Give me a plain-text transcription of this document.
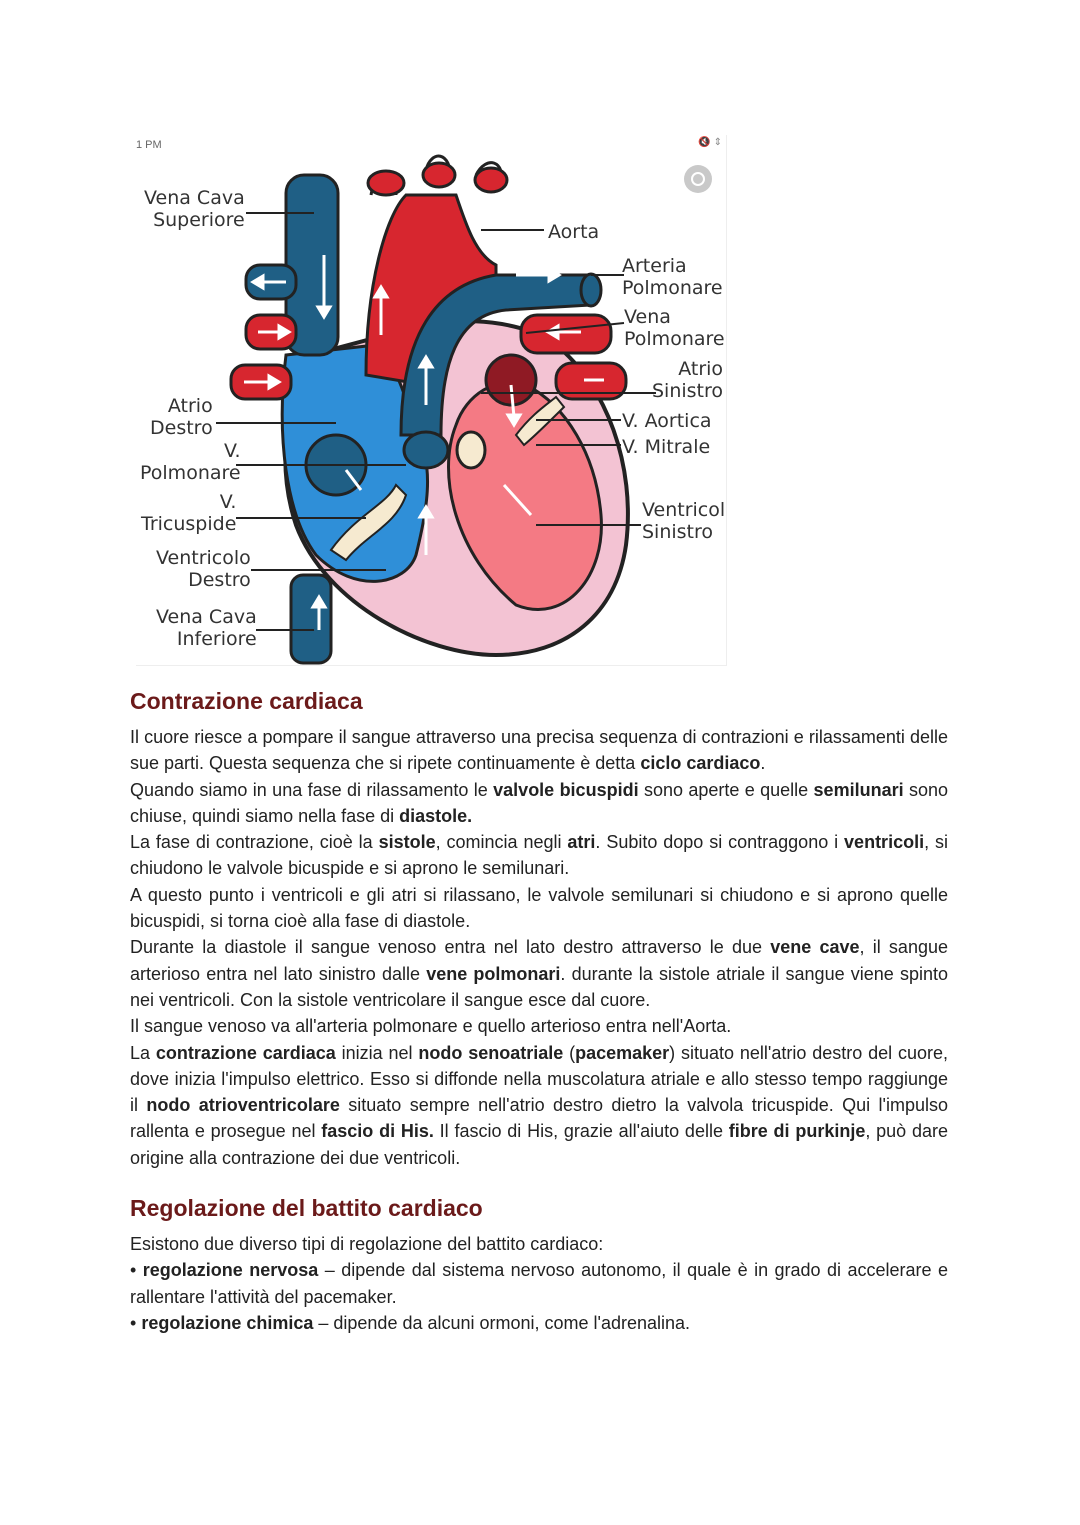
1 PM	🔇 ⇕
Vena Cava
Superiore
Aorta
Arteria
Polmonare
Vena
Polmonare
Atrio
Sinistro
V. Aortica
V. Mitrale
Ventricol
Sinistro
Atrio
Destro
V.
Polmonare
V.
Tricuspide
Ventricolo
Destro
Vena Cava
Inferiore
Contrazione cardiaca

Il cuore riesce a pompare il sangue attraverso una precisa sequenza di contrazioni e rilassamenti delle sue parti. Questa sequenza che si ripete continuamente è detta ciclo cardiaco.

Quando siamo in una fase di rilassamento le valvole bicuspidi sono aperte e quelle semilunari sono chiuse, quindi siamo nella fase di diastole.

La fase di contrazione, cioè la sistole, comincia negli atri. Subito dopo si contraggono i ventricoli, si chiudono le valvole bicuspide e si aprono le semilunari.

A questo punto i ventricoli e gli atri si rilassano, le valvole semilunari si chiudono e si aprono quelle bicuspidi, si torna cioè alla fase di diastole.

Durante la diastole il sangue venoso entra nel lato destro attraverso le due vene cave, il sangue arterioso entra nel lato sinistro dalle vene polmonari. durante la sistole atriale il sangue viene spinto nei ventricoli. Con la sistole ventricolare il sangue esce dal cuore.

Il sangue venoso va all'arteria polmonare e quello arterioso entra nell'Aorta.

La contrazione cardiaca inizia nel nodo senoatriale (pacemaker) situato nell'atrio destro del cuore, dove inizia l'impulso elettrico. Esso si diffonde nella muscolatura atriale e allo stesso tempo raggiunge il nodo atrioventricolare situato sempre nell'atrio destro dietro la valvola tricuspide. Qui l'impulso rallenta e prosegue nel fascio di His. Il fascio di His, grazie all'aiuto delle fibre di purkinje, può dare origine alla contrazione dei due ventricoli.

Regolazione del battito cardiaco

Esistono due diverso tipi di regolazione del battito cardiaco:

• regolazione nervosa – dipende dal sistema nervoso autonomo, il quale è in grado di accelerare e rallentare l'attività del pacemaker.

• regolazione chimica – dipende da alcuni ormoni, come l'adrenalina.
